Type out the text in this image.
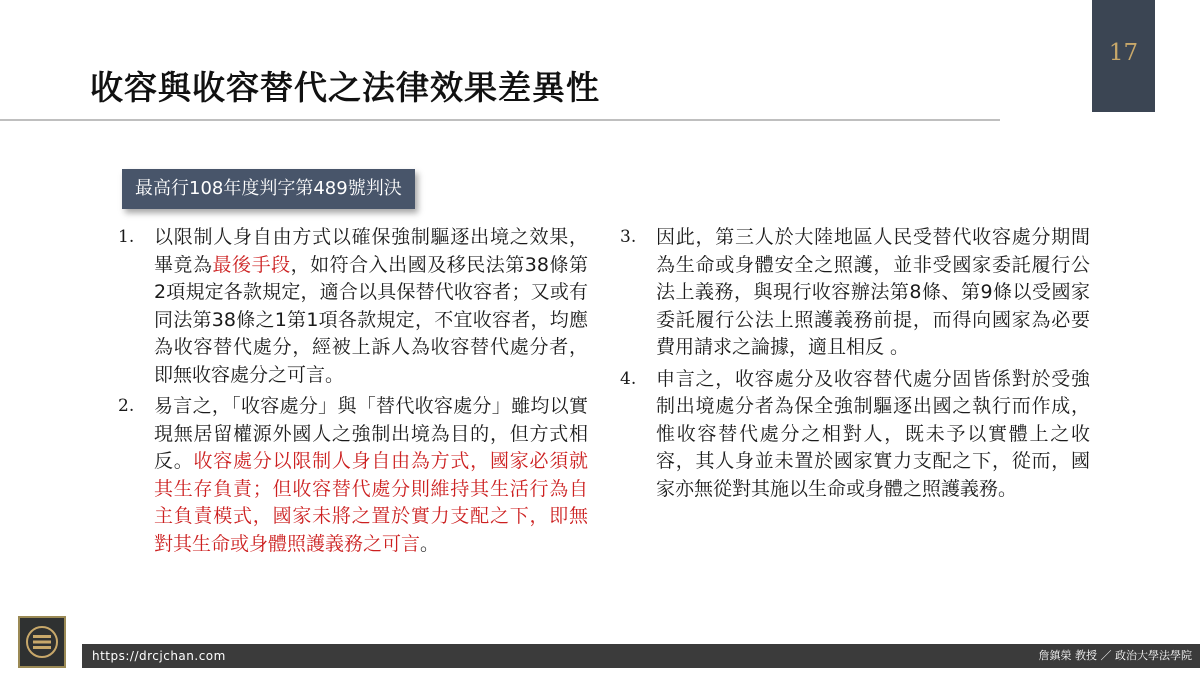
17
收容與收容替代之法律效果差異性
最高行108年度判字第489號判決
1. 以限制人身自由方式以確保強制驅逐出境之效果，畢竟為最後手段，如符合入出國及移民法第38條第2項規定各款規定，適合以具保替代收容者；又或有同法第38條之1第1項各款規定，不宜收容者，均應為收容替代處分，經被上訴人為收容替代處分者，即無收容處分之可言。
2. 易言之，「收容處分」與「替代收容處分」雖均以實現無居留權源外國人之強制出境為目的，但方式相反。收容處分以限制人身自由為方式，國家必須就其生存負責；但收容替代處分則維持其生活行為自主負責模式，國家未將之置於實力支配之下，即無對其生命或身體照護義務之可言。
3. 因此，第三人於大陸地區人民受替代收容處分期間為生命或身體安全之照護，並非受國家委託履行公法上義務，與現行收容辦法第8條、第9條以受國家委託履行公法上照護義務前提，而得向國家為必要費用請求之論據，適且相反 。
4. 申言之，收容處分及收容替代處分固皆係對於受強制出境處分者為保全強制驅逐出國之執行而作成，惟收容替代處分之相對人，既未予以實體上之收容，其人身並未置於國家實力支配之下，從而，國家亦無從對其施以生命或身體之照護義務。
https://drcjchan.com	詹鎮榮 教授 ／ 政治大學法學院
